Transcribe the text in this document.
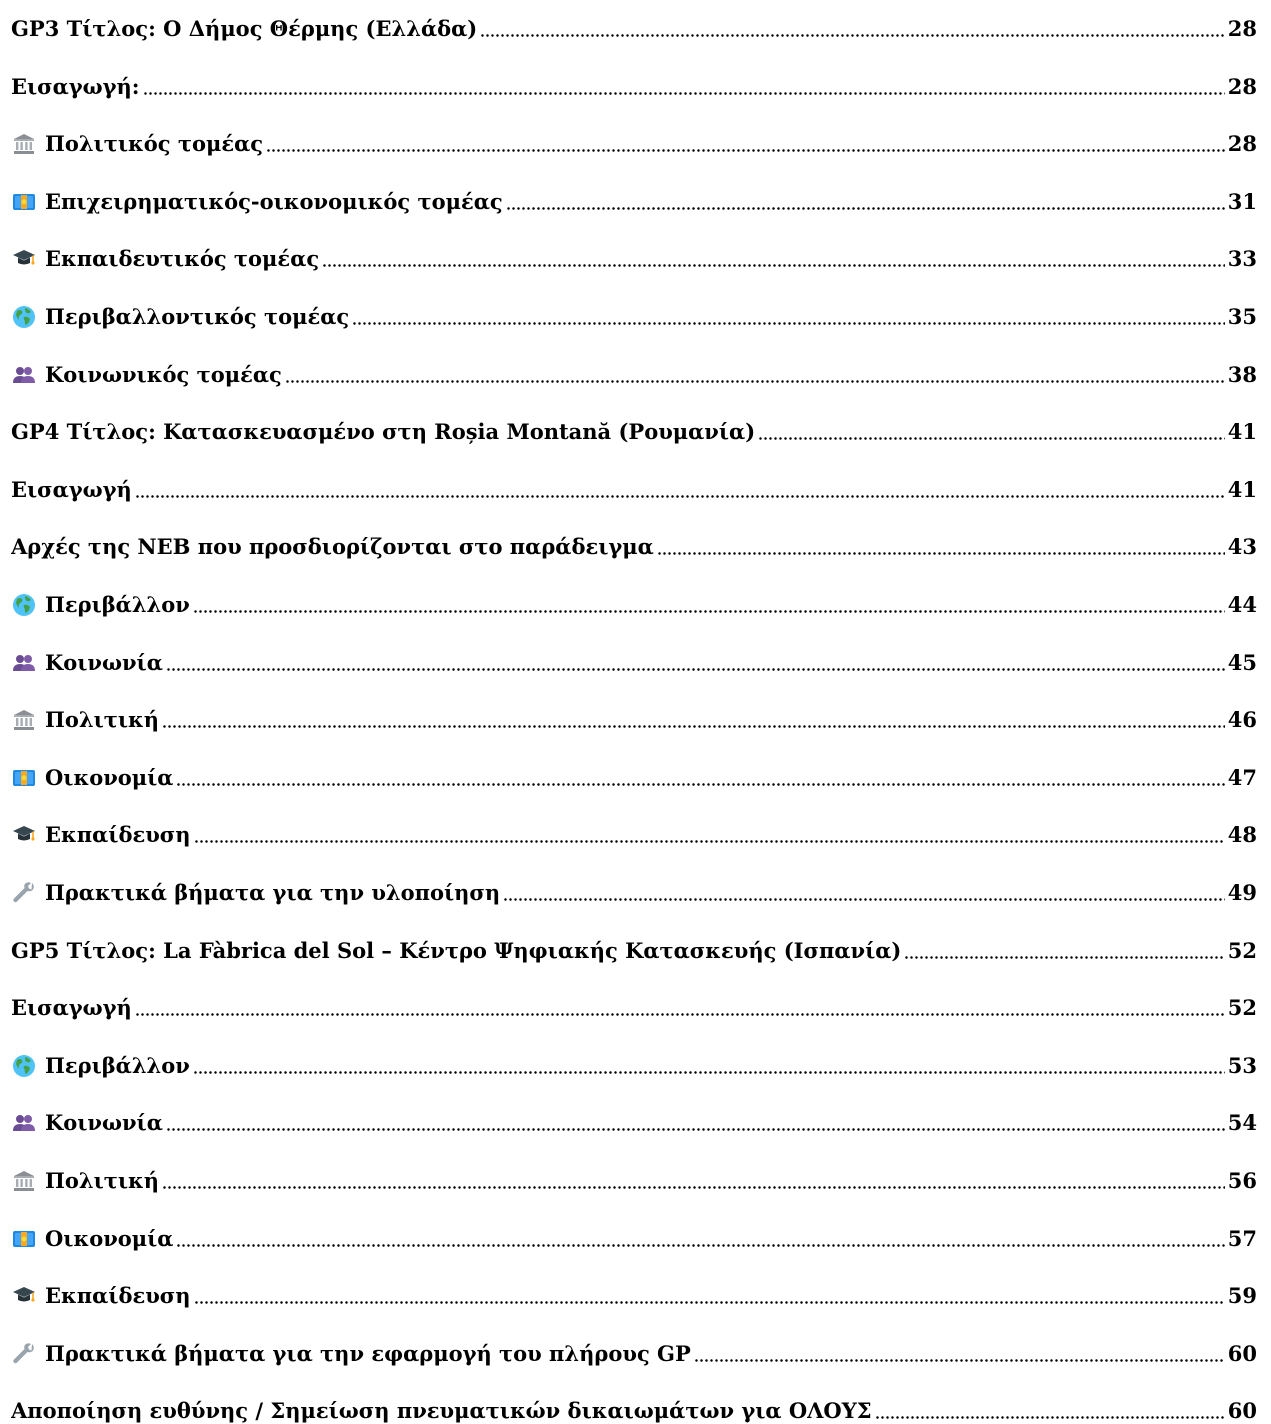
GP3 Τίτλος: Ο Δήμος Θέρμης (Ελλάδα)	28
Εισαγωγή:	28
Πολιτικός τομέας	28
Επιχειρηματικός-οικονομικός τομέας	31
Εκπαιδευτικός τομέας	33
Περιβαλλοντικός τομέας	35
Κοινωνικός τομέας	38
GP4 Τίτλος: Κατασκευασμένο στη Roșia Montană (Ρουμανία)	41
Εισαγωγή	41
Αρχές της NEB που προσδιορίζονται στο παράδειγμα	43
Περιβάλλον	44
Κοινωνία	45
Πολιτική	46
Οικονομία	47
Εκπαίδευση	48
Πρακτικά βήματα για την υλοποίηση	49
GP5 Τίτλος: La Fàbrica del Sol – Κέντρο Ψηφιακής Κατασκευής (Ισπανία)	52
Εισαγωγή	52
Περιβάλλον	53
Κοινωνία	54
Πολιτική	56
Οικονομία	57
Εκπαίδευση	59
Πρακτικά βήματα για την εφαρμογή του πλήρους GP	60
Αποποίηση ευθύνης / Σημείωση πνευματικών δικαιωμάτων για ΟΛΟΥΣ	60
